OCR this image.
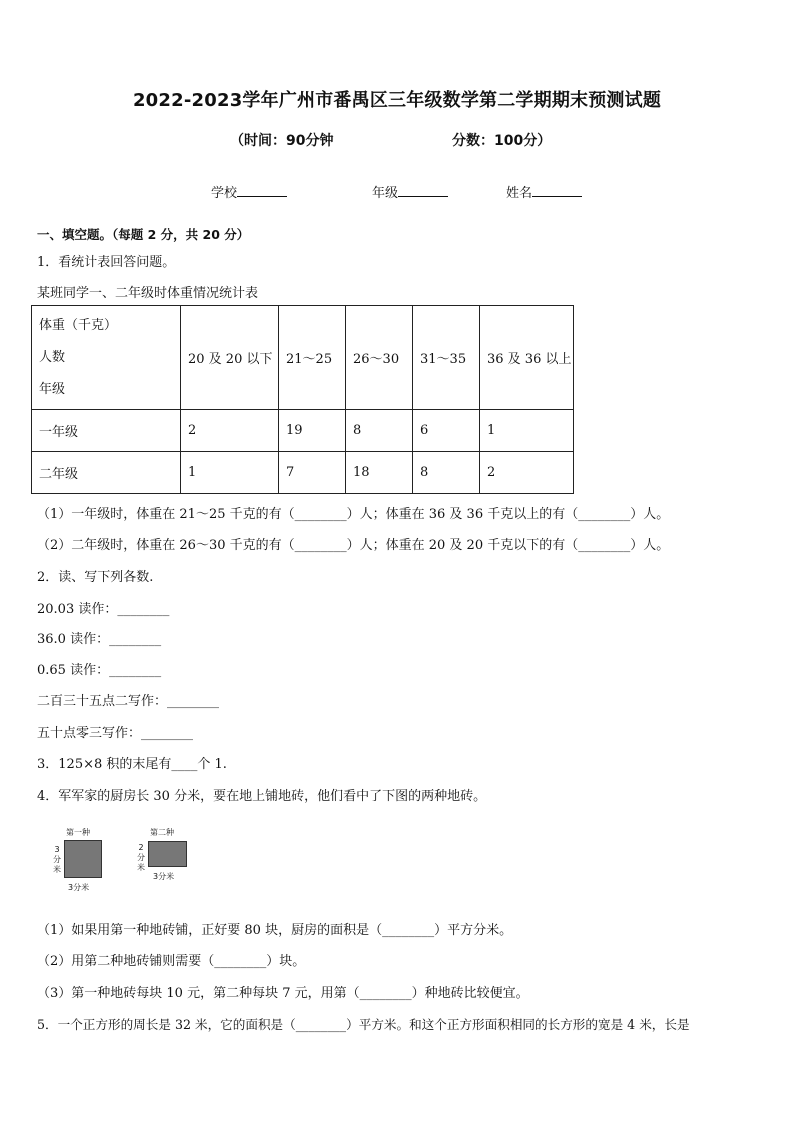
2022-2023学年广州市番禺区三年级数学第二学期期末预测试题
（时间：90分钟	分数：100分）
学校	年级	姓名
一、填空题。（每题 2 分，共 20 分）
1．看统计表回答问题。
某班同学一、二年级时体重情况统计表
体重（千克）
人数
年级	20 及 20 以下	21～25	26～30	31～35	36 及 36 以上
一年级	2	19	8	6	1
二年级	1	7	18	8	2
（1）一年级时，体重在 21～25 千克的有（________）人；体重在 36 及 36 千克以上的有（________）人。
（2）二年级时，体重在 26～30 千克的有（________）人；体重在 20 及 20 千克以下的有（________）人。
2．读、写下列各数.
20.03 读作：________
36.0 读作：________
0.65 读作：________
二百三十五点二写作：________
五十点零三写作：________
3．125×8 积的末尾有____个 1.
4．军军家的厨房长 30 分米，要在地上铺地砖，他们看中了下图的两种地砖。
第一种
3
分米
3分米
第二种
2
分米
3分米
（1）如果用第一种地砖铺，正好要 80 块，厨房的面积是（________）平方分米。
（2）用第二种地砖铺则需要（________）块。
（3）第一种地砖每块 10 元，第二种每块 7 元，用第（________）种地砖比较便宜。
5．一个正方形的周长是 32 米，它的面积是（________）平方米。和这个正方形面积相同的长方形的宽是 4 米，长是
